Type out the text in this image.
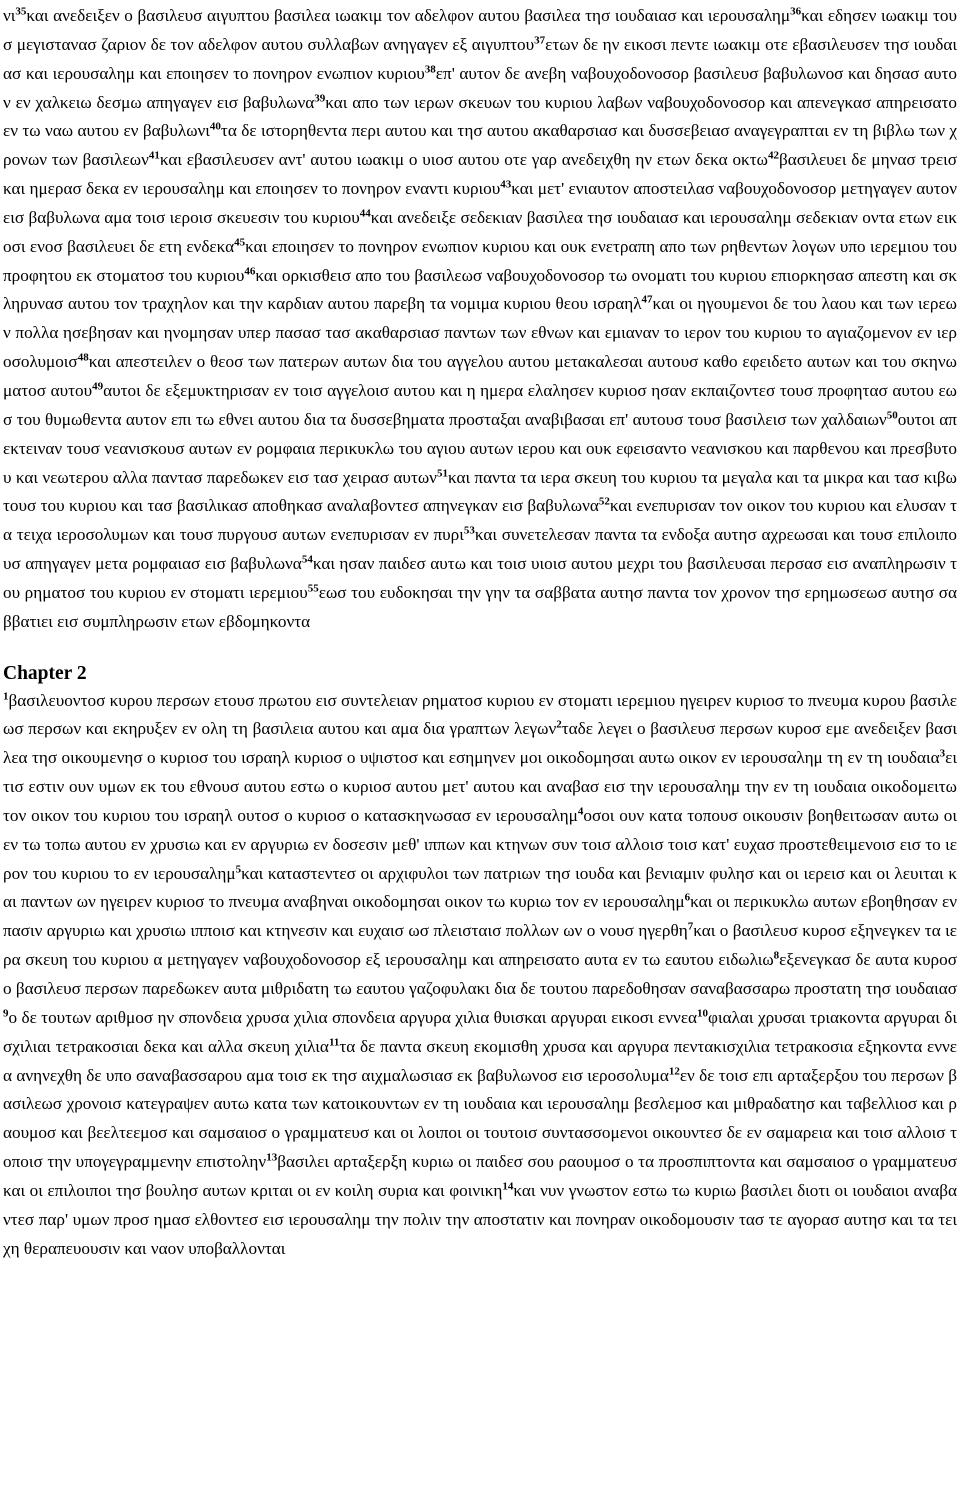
$\nu\iota^{35}\kappa\alpha\iota$ ανεδειξεν ο βασιλευσ αιγυπτου βασιλεα ιωακιμ τον αδελφον αυτου βασιλεα τησ ιουδαιασ και ιερουσαλημ$^{36}$και εδησεν ιωακιμ τουσ μεγιστανασ ζαριον δε τον αδελφον αυτου συλλαβων ανηγαγεν εξ αιγυπτου$^{37}$ετων δε ην εικοσι πεντε ιωακιμ οτε εβασιλευσεν τησ ιουδαιασ και ιερουσαλημ και εποιησεν το πονηρον ενωπιον κυριου$^{38}$επ' αυτον δε ανεβη ναβουχοδονοσορ βασιλευσ βαβυλωνοσ και δησασ αυτον εν χαλκειω δεσμω απηγαγεν εισ βαβυλωνα$^{39}$και απο των ιερων σκευων του κυριου λαβων ναβουχοδονοσορ και απενεγκασ απηρεισατο εν τω ναω αυτου εν βαβυλωνι$^{40}$τα δε ιστορηθεντα περι αυτου και τησ αυτου ακαθαρσιασ και δυσσεβειασ αναγεγραπται εν τη βιβλω των χρονων των βασιλεων$^{41}$και εβασιλευσεν αντ' αυτου ιωακιμ ο υιοσ αυτου οτε γαρ ανεδειχθη ην ετων δεκα οκτω$^{42}$βασιλευει δε μηνασ τρεισ και ημερασ δεκα εν ιερουσαλημ και εποιησεν το πονηρον εναντι κυριου$^{43}$και μετ' ενιαυτον αποστειλασ ναβουχοδονοσορ μετηγαγεν αυτον εισ βαβυλωνα αμα τοισ ιεροισ σκευεσιν του κυριου$^{44}$και ανεδειξε σεδεκιαν βασιλεα τησ ιουδαιασ και ιερουσαλημ σεδεκιαν οντα ετων εικοσι ενοσ βασιλευει δε ετη ενδεκα$^{45}$και εποιησεν το πονηρον ενωπιον κυριου και ουκ ενετραπη απο των ρηθεντων λογων υπο ιερεμιου του προφητου εκ στοματοσ του κυριου$^{46}$και ορκισθεισ απο του βασιλεωσ ναβουχοδονοσορ τω ονοματι του κυριου επιορκησασ απεστη και σκληρυνασ αυτου τον τραχηλον και την καρδιαν αυτου παρεβη τα νομιμα κυριου θεου ισραηλ$^{47}$και οι ηγουμενοι δε του λαου και των ιερεων πολλα ησεβησαν και ηνομησαν υπερ πασασ τασ ακαθαρσιασ παντων των εθνων και εμιαναν το ιερον του κυριου το αγιαζομενον εν ιεροσολυμοισ$^{48}$και απεστειλεν ο θεοσ των πατερων αυτων δια του αγγελου αυτου μετακαλεσαι αυτουσ καθο εφειδετο αυτων και του σκηνωματοσ αυτου$^{49}$αυτοι δε εξεμυκτηρισαν εν τοισ αγγελοισ αυτου και η ημερα ελαλησεν κυριοσ ησαν εκπαιζοντεσ τουσ προφητασ αυτου εωσ του θυμωθεντα αυτον επι τω εθνει αυτου δια τα δυσσεβηματα προσταξαι αναβιβασαι επ' αυτουσ τουσ βασιλεισ των χαλδαιων$^{50}$ουτοι απεκτειναν τουσ νεανισκουσ αυτων εν ρομφαια περικυκλω του αγιου αυτων ιερου και ουκ εφεισαντο νεανισκου και παρθενου και πρεσβυτου και νεωτερου αλλα παντασ παρεδωκεν εισ τασ χειρασ αυτων$^{51}$και παντα τα ιερα σκευη του κυριου τα μεγαλα και τα μικρα και τασ κιβωτουσ του κυριου και τασ βασιλικασ αποθηκασ αναλαβοντεσ απηνεγκαν εισ βαβυλωνα$^{52}$και ενεπυρισαν τον οικον του κυριου και ελυσαν τα τειχα ιεροσολυμων και τουσ πυργουσ αυτων ενεπυρισαν εν πυρι$^{53}$και συνετελεσαν παντα τα ενδοξα αυτησ αχρεωσαι και τουσ επιλοιπουσ απηγαγεν μετα ρομφαιασ εισ βαβυλωνα$^{54}$και ησαν παιδεσ αυτω και τοισ υιοισ αυτου μεχρι του βασιλευσαι περσασ εισ αναπληρωσιν του ρηματοσ του κυριου εν στοματι ιερεμιου$^{55}$εωσ του ευδοκησαι την γην τα σαββατα αυτησ παντα τον χρονον τησ ερημωσεωσ αυτησ σαββατιει εισ συμπληρωσιν ετων εβδομηκοντα

Chapter 2

$^1$βασιλευοντοσ κυρου περσων ετουσ πρωτου εισ συντελειαν ρηματοσ κυριου εν στοματι ιερεμιου ηγειρεν κυριοσ το πνευμα κυρου βασιλεωσ περσων και εκηρυξεν εν ολη τη βασιλεια αυτου και αμα δια γραπτων λεγων$^2$ταδε λεγει ο βασιλευσ περσων κυροσ εμε ανεδειξεν βασιλεα τησ οικουμενησ ο κυριοσ του ισραηλ κυριοσ ο υψιστοσ και εσημηνεν μοι οικοδομησαι αυτω οικον εν ιερουσαλημ τη εν τη ιουδαια$^3$ει τισ εστιν ουν υμων εκ του εθνουσ αυτου εστω ο κυριοσ αυτου μετ' αυτου και αναβασ εισ την ιερουσαλημ την εν τη ιουδαια οικοδομειτω τον οικον του κυριου του ισραηλ ουτοσ ο κυριοσ ο κατασκηνωσασ εν ιερουσαλημ$^4$οσοι ουν κατα τοπουσ οικουσιν βοηθειτωσαν αυτω οι εν τω τοπω αυτου εν χρυσιω και εν αργυριω εν δοσεσιν μεθ' ιππων και κτηνων συν τοισ αλλοισ τοισ κατ' ευχασ προστεθειμενοισ εισ το ιερον του κυριου το εν ιερουσαλημ$^5$και καταστεντεσ οι αρχιφυλοι των πατριων τησ ιουδα και βενιαμιν φυλησ και οι ιερεισ και οι λευιται και παντων ων ηγειρεν κυριοσ το πνευμα αναβηναι οικοδομησαι οικον τω κυριω τον εν ιερουσαλημ$^6$και οι περικυκλω αυτων εβοηθησαν εν πασιν αργυριω και χρυσιω ιπποισ και κτηνεσιν και ευχαισ ωσ πλεισταισ πολλων ων ο νουσ ηγερθη$^7$και ο βασιλευσ κυροσ εξηνεγκεν τα ιερα σκευη του κυριου α μετηγαγεν ναβουχοδονοσορ εξ ιερουσαλημ και απηρεισατο αυτα εν τω εαυτου ειδωλιω$^8$εξενεγκασ δε αυτα κυροσ ο βασιλευσ περσων παρεδωκεν αυτα μιθριδατη τω εαυτου γαζοφυλακι δια δε τουτου παρεδοθησαν σαναβασσαρω προστατη τησ ιουδαιασ$^9$ο δε τουτων αριθμοσ ην σπονδεια χρυσα χιλια σπονδεια αργυρα χιλια θυισκαι αργυραι εικοσι εννεα$^{10}$φιαλαι χρυσαι τριακοντα αργυραι δισχιλιαι τετρακοσιαι δεκα και αλλα σκευη χιλια$^{11}$τα δε παντα σκευη εκομισθη χρυσα και αργυρα πεντακισχιλια τετρακοσια εξηκοντα εννεα ανηνεχθη δε υπο σαναβασσαρου αμα τοισ εκ τησ αιχμαλωσιασ εκ βαβυλωνοσ εισ ιεροσολυμα$^{12}$εν δε τοισ επι αρταξερξου του περσων βασιλεωσ χρονοισ κατεγραψεν αυτω κατα των κατοικουντων εν τη ιουδαια και ιερουσαλημ βεσλεμοσ και μιθραδατησ και ταβελλιοσ και ραουμοσ και βεελτεεμοσ και σαμσαιοσ ο γραμματευσ και οι λοιποι οι τουτοισ συντασσομενοι οικουντεσ δε εν σαμαρεια και τοισ αλλοισ τοποισ την υπογεγραμμενην επιστολην$^{13}$βασιλει αρταξερξη κυριω οι παιδεσ σου ραουμοσ ο τα προσπιπτοντα και σαμσαιοσ ο γραμματευσ και οι επιλοιποι τησ βουλησ αυτων κριται οι εν κοιλη συρια και φοινικη$^{14}$και νυν γνωστον εστω τω κυριω βασιλει διοτι οι ιουδαιοι αναβαντεσ παρ' υμων προσ ημασ ελθοντεσ εισ ιερουσαλημ την πολιν την αποστατιν και πονηραν οικοδομουσιν τασ τε αγορασ αυτησ και τα τειχη θεραπευουσιν και ναον υποβαλλονται
